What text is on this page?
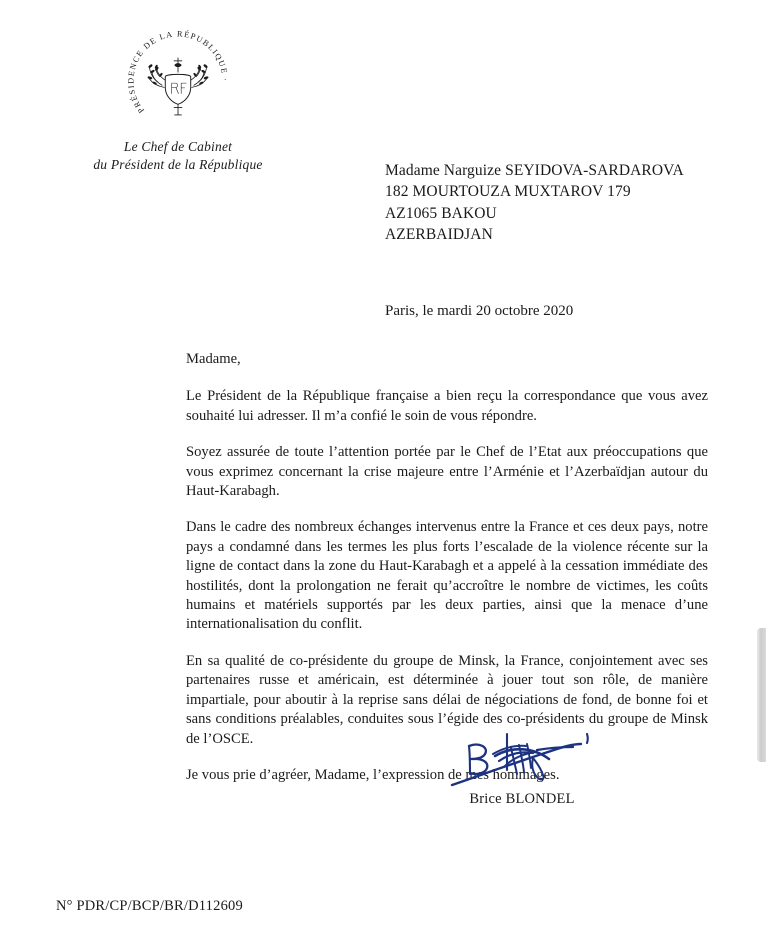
PRÉSIDENCE DE LA RÉPUBLIQUE ·
Le Chef de Cabinet
du Président de la République	Madame Narguize SEYIDOVA-SARDAROVA
182 MOURTOUZA MUXTAROV 179
AZ1065 BAKOU
AZERBAIDJAN
Paris, le mardi 20 octobre 2020

Madame,

Le Président de la République française a bien reçu la correspondance que vous avez souhaité lui adresser. Il m’a confié le soin de vous répondre.

Soyez assurée de toute l’attention portée par le Chef de l’Etat aux préoccupations que vous exprimez concernant la crise majeure entre l’Arménie et l’Azerbaïdjan autour du Haut-Karabagh.

Dans le cadre des nombreux échanges intervenus entre la France et ces deux pays, notre pays a condamné dans les termes les plus forts l’escalade de la violence récente sur la ligne de contact dans la zone du Haut-Karabagh et a appelé à la cessation immédiate des hostilités, dont la prolongation ne ferait qu’accroître le nombre de victimes, les coûts humains et matériels supportés par les deux parties, ainsi que la menace d’une internationalisation du conflit.

En sa qualité de co-présidente du groupe de Minsk, la France, conjointement avec ses partenaires russe et américain, est déterminée à jouer tout son rôle, de manière impartiale, pour aboutir à la reprise sans délai de négociations de fond, de bonne foi et sans conditions préalables, conduites sous l’égide des co-présidents du groupe de Minsk de l’OSCE.

Je vous prie d’agréer, Madame, l’expression de mes hommages.

Brice BLONDEL
N° PDR/CP/BCP/BR/D112609
